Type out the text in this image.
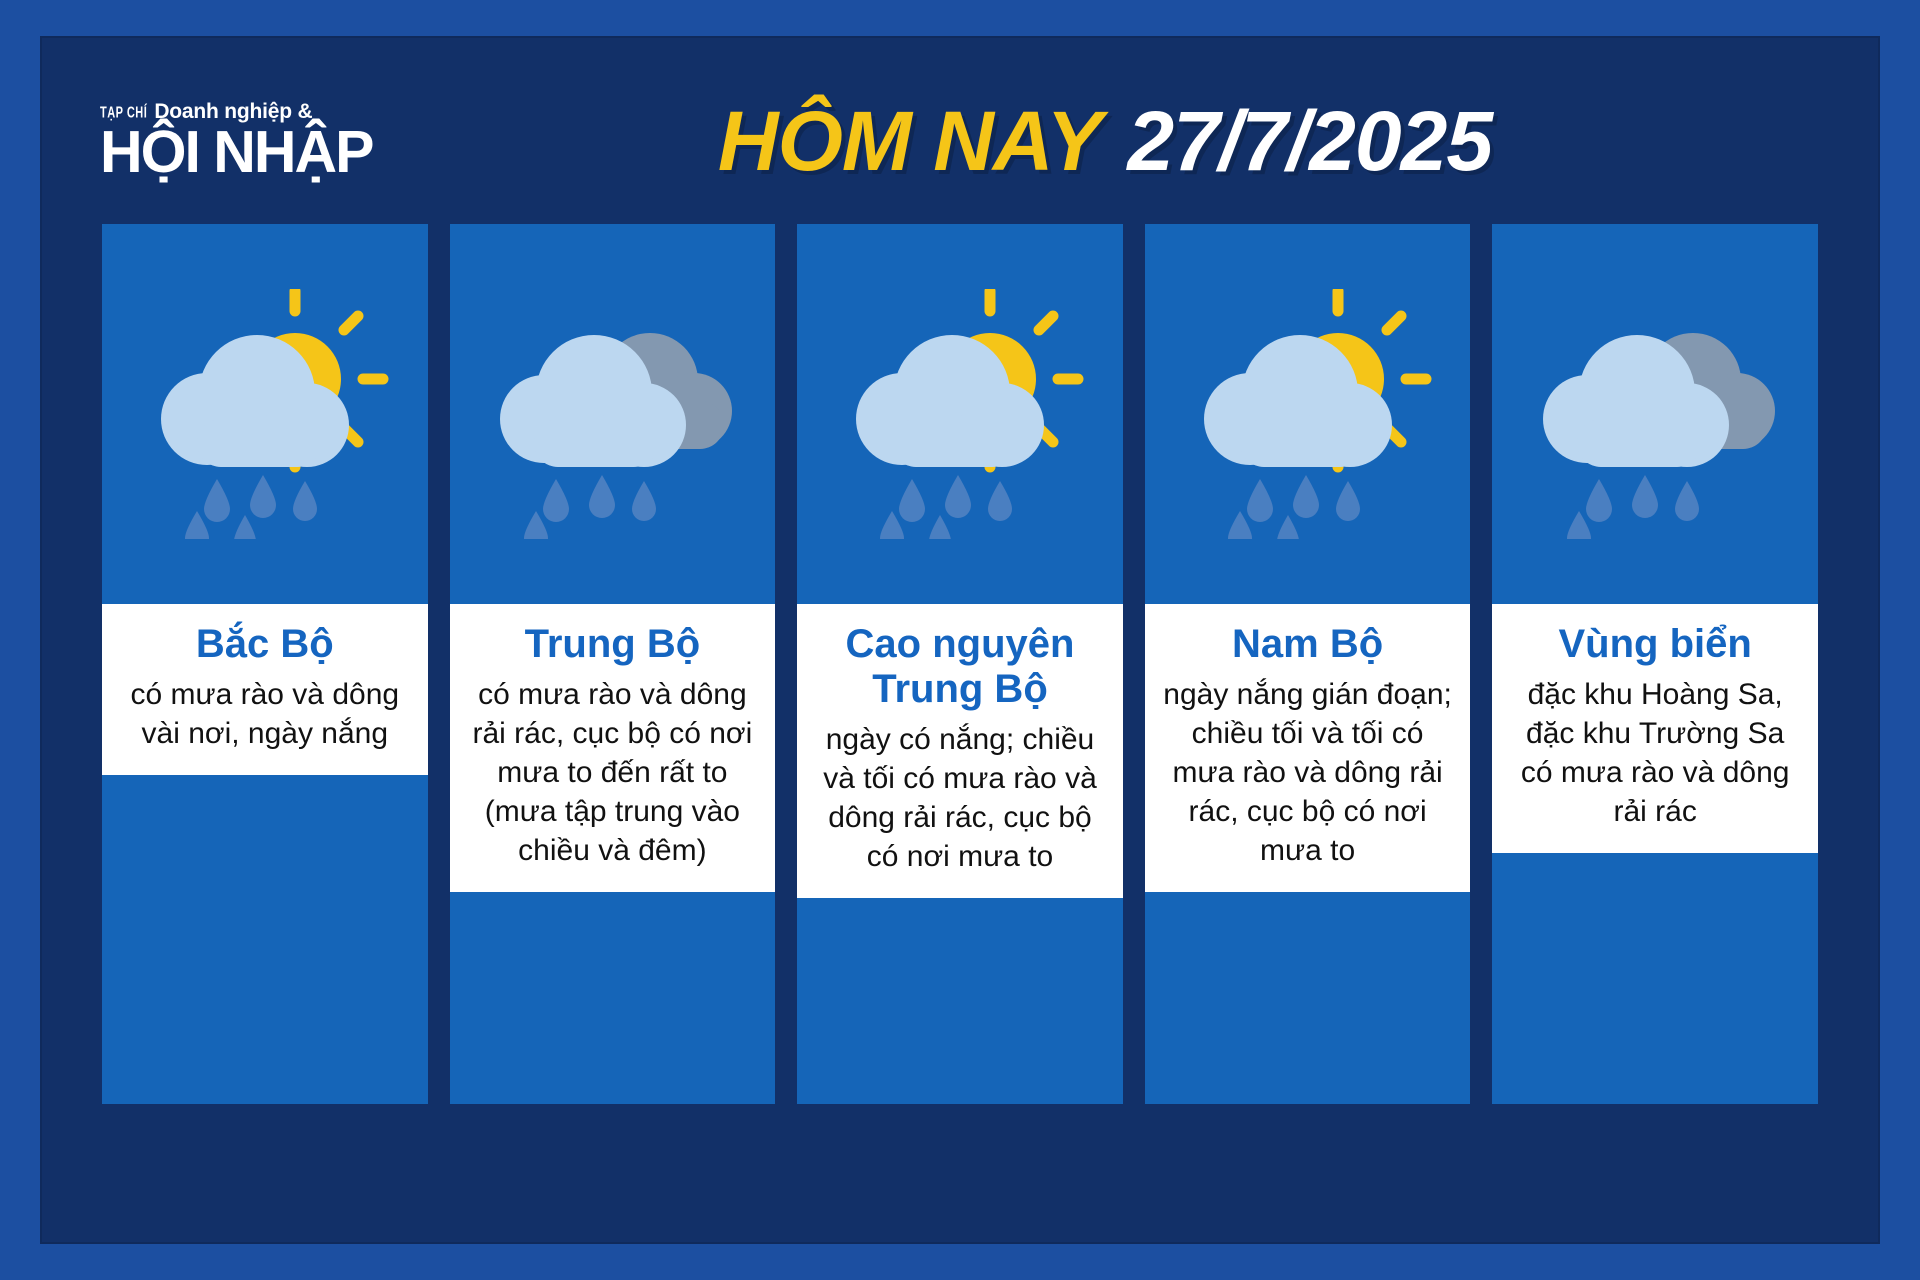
TẠP CHÍ Doanh nghiệp &
HỘI NHẬP	HÔM NAY 27/7/2025
Bắc Bộ
có mưa rào và dông vài nơi, ngày nắng
Trung Bộ
có mưa rào và dông rải rác, cục bộ có nơi mưa to đến rất to (mưa tập trung vào chiều và đêm)
Cao nguyên Trung Bộ
ngày có nắng; chiều và tối có mưa rào và dông rải rác, cục bộ có nơi mưa to
Nam Bộ
ngày nắng gián đoạn; chiều tối và tối có mưa rào và dông rải rác, cục bộ có nơi mưa to
Vùng biển
đặc khu Hoàng Sa, đặc khu Trường Sa có mưa rào và dông rải rác
